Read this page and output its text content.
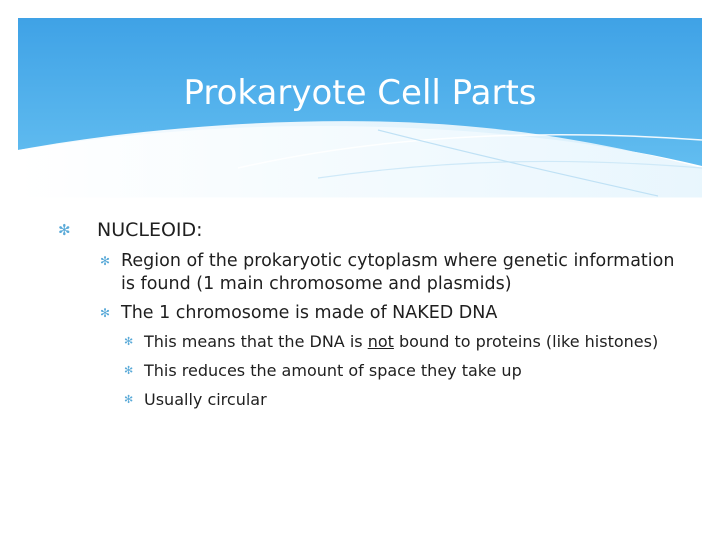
Prokaryote Cell Parts
✻ NUCLEOID:
✻ Region of the prokaryotic cytoplasm where genetic information is found (1 main chromosome and plasmids)
✻ The 1 chromosome is made of NAKED DNA
✻ This means that the DNA is not bound to proteins (like histones)
✻ This reduces the amount of space they take up
✻ Usually circular
